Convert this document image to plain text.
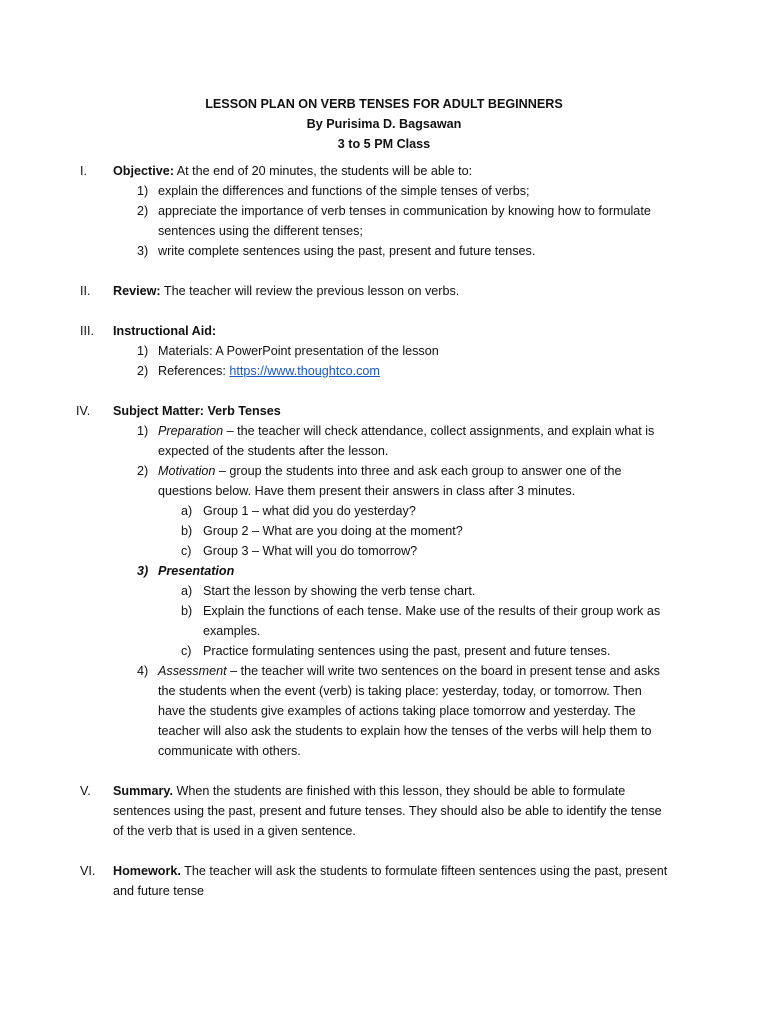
LESSON PLAN ON VERB TENSES FOR ADULT BEGINNERS
By Purisima D. Bagsawan
3 to 5 PM Class
I.	Objective: At the end of 20 minutes, the students will be able to:
1) explain the differences and functions of the simple tenses of verbs;
2) appreciate the importance of verb tenses in communication by knowing how to formulate
sentences using the different tenses;
3) write complete sentences using the past, present and future tenses.
II.	Review: The teacher will review the previous lesson on verbs.
III.	Instructional Aid:
1) Materials: A PowerPoint presentation of the lesson
2) References: https://www.thoughtco.com
IV.	Subject Matter: Verb Tenses
1) Preparation – the teacher will check attendance, collect assignments, and explain what is
expected of the students after the lesson.
2) Motivation – group the students into three and ask each group to answer one of the
questions below. Have them present their answers in class after 3 minutes.
a) Group 1 – what did you do yesterday?
b) Group 2 – What are you doing at the moment?
c) Group 3 – What will you do tomorrow?
3) Presentation
a) Start the lesson by showing the verb tense chart.
b) Explain the functions of each tense. Make use of the results of their group work as
examples.
c) Practice formulating sentences using the past, present and future tenses.
4) Assessment – the teacher will write two sentences on the board in present tense and asks
the students when the event (verb) is taking place: yesterday, today, or tomorrow. Then
have the students give examples of actions taking place tomorrow and yesterday. The
teacher will also ask the students to explain how the tenses of the verbs will help them to
communicate with others.
V.	Summary. When the students are finished with this lesson, they should be able to formulate
sentences using the past, present and future tenses. They should also be able to identify the tense
of the verb that is used in a given sentence.
VI.	Homework. The teacher will ask the students to formulate fifteen sentences using the past, present
and future tense
